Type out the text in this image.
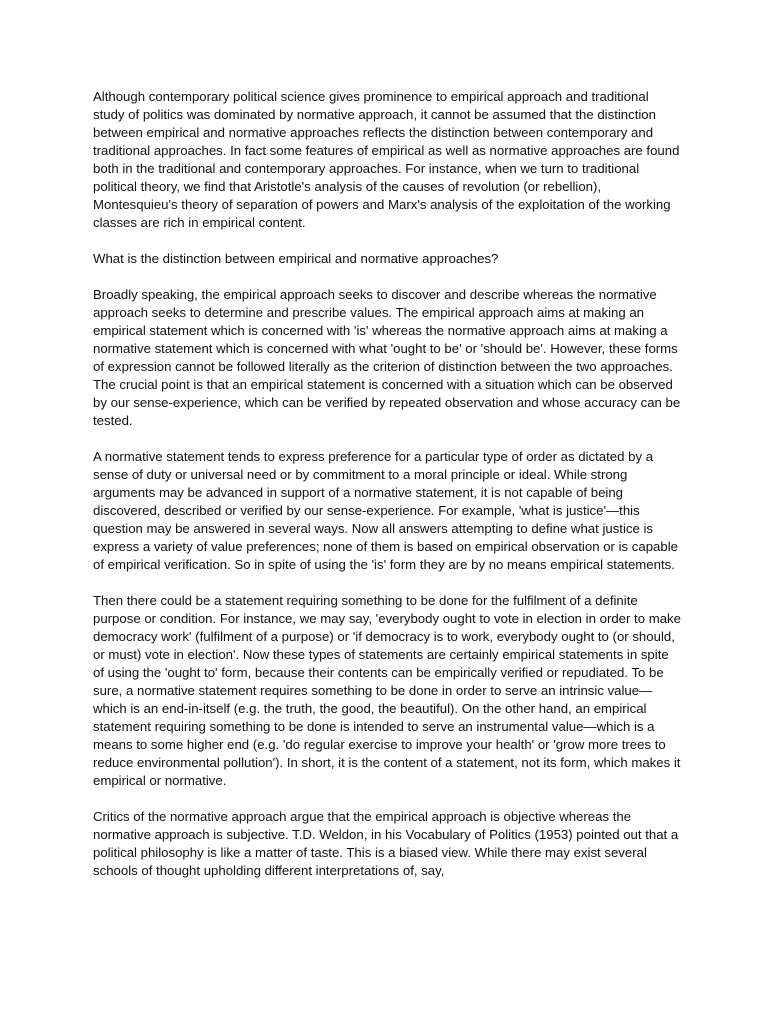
Although contemporary political science gives prominence to empirical approach and traditional study of politics was dominated by normative approach, it cannot be assumed that the distinction between empirical and normative approaches reflects the distinction between contemporary and traditional approaches. In fact some features of empirical as well as normative approaches are found both in the traditional and contemporary approaches. For instance, when we turn to traditional political theory, we find that Aristotle's analysis of the causes of revolution (or rebellion), Montesquieu's theory of separation of powers and Marx's analysis of the exploitation of the working classes are rich in empirical content.

What is the distinction between empirical and normative approaches?

Broadly speaking, the empirical approach seeks to discover and describe whereas the normative approach seeks to determine and prescribe values. The empirical approach aims at making an empirical statement which is concerned with 'is' whereas the normative approach aims at making a normative statement which is concerned with what 'ought to be' or 'should be'. However, these forms of expression cannot be followed literally as the criterion of distinction between the two approaches. The crucial point is that an empirical statement is concerned with a situation which can be observed by our sense-experience, which can be verified by repeated observation and whose accuracy can be tested.

A normative statement tends to express preference for a particular type of order as dictated by a sense of duty or universal need or by commitment to a moral principle or ideal. While strong arguments may be advanced in support of a normative statement, it is not capable of being discovered, described or verified by our sense-experience. For example, 'what is justice'—this question may be answered in several ways. Now all answers attempting to define what justice is express a variety of value preferences; none of them is based on empirical observation or is capable of empirical verification. So in spite of using the 'is' form they are by no means empirical statements.

Then there could be a statement requiring something to be done for the fulfilment of a definite purpose or condition. For instance, we may say, 'everybody ought to vote in election in order to make democracy work' (fulfilment of a purpose) or 'if democracy is to work, everybody ought to (or should, or must) vote in election'. Now these types of statements are certainly empirical statements in spite of using the 'ought to' form, because their contents can be empirically verified or repudiated. To be sure, a normative statement requires something to be done in order to serve an intrinsic value—which is an end-in-itself (e.g. the truth, the good, the beautiful). On the other hand, an empirical statement requiring something to be done is intended to serve an instrumental value—which is a means to some higher end (e.g. 'do regular exercise to improve your health' or 'grow more trees to reduce environmental pollution'). In short, it is the content of a statement, not its form, which makes it empirical or normative.

Critics of the normative approach argue that the empirical approach is objective whereas the normative approach is subjective. T.D. Weldon, in his Vocabulary of Politics (1953) pointed out that a political philosophy is like a matter of taste. This is a biased view. While there may exist several schools of thought upholding different interpretations of, say,
